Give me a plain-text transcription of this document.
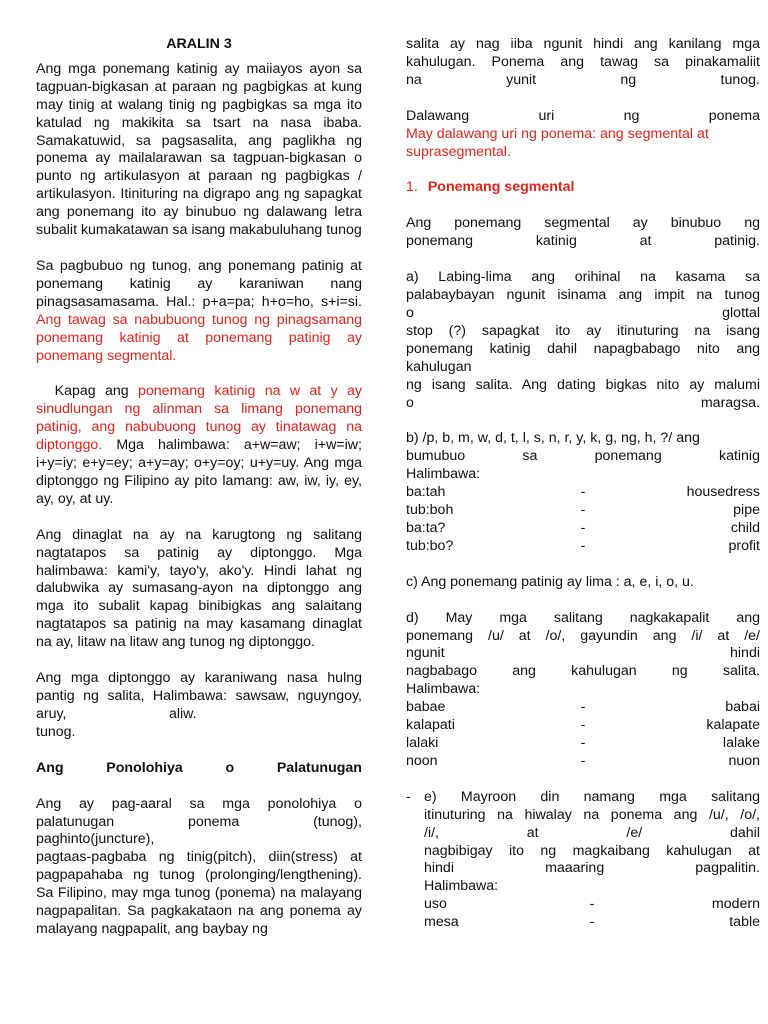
ARALIN 3

Ang mga ponemang katinig ay maiiayos ayon sa tagpuan-bigkasan at paraan ng pagbigkas at kung may tinig at walang tinig ng pagbigkas sa mga ito katulad ng makikita sa tsart na nasa ibaba. Samakatuwid, sa pagsasalita, ang paglikha ng ponema ay mailalarawan sa tagpuan-bigkasan o punto ng artikulasyon at paraan ng pagbigkas / artikulasyon. Itinituring na digrapo ang ng sapagkat ang ponemang ito ay binubuo ng dalawang letra subalit kumakatawan sa isang makabuluhang tunog

Sa pagbubuo ng tunog, ang ponemang patinig at ponemang katinig ay karaniwan nang pinagsasamasama. Hal.: p+a=pa; h+o=ho, s+i=si. Ang tawag sa nabubuong tunog ng pinagsamang ponemang katinig at ponemang patinig ay ponemang segmental.

Kapag ang ponemang katinig na w at y ay sinudlungan ng alinman sa limang ponemang patinig, ang nabubuong tunog ay tinatawag na diptonggo. Mga halimbawa: a+w=aw; i+w=iw; i+y=iy; e+y=ey; a+y=ay; o+y=oy; u+y=uy. Ang mga diptonggo ng Filipino ay pito lamang: aw, iw, iy, ey, ay, oy, at uy.

Ang dinaglat na ay na karugtong ng salitang nagtatapos sa patinig ay diptonggo. Mga halimbawa: kami'y, tayo'y, ako'y. Hindi lahat ng dalubwika ay sumasang-ayon na diptonggo ang mga ito subalit kapag binibigkas ang salaitang nagtatapos sa patinig na may kasamang dinaglat na ay, litaw na litaw ang tunog ng diptonggo.

Ang mga diptonggo ay karaniwang nasa hulng
pantig ng salita, Halimbawa: sawsaw, nguyngoy,
aruy,                          aliw.
tunog.
Ang	Ponolohiya	o	Palatunugan
Ang ay pag-aaral sa mga ponolohiya o
palatunugan	ponema	(tunog),
paghinto(juncture),

pagtaas-pagbaba ng tinig(pitch), diin(stress) at pagpapahaba ng tunog (prolonging/lengthening). Sa Filipino, may mga tunog (ponema) na malayang nagpapalitan. Sa pagkakataon na ang ponema ay malayang nagpapalit, ang baybay ng

salita ay nag iiba ngunit hindi ang kanilang mga
kahulugan. Ponema ang tawag sa pinakamaliit
na	yunit	ng	tunog.
Dalawang	uri	ng	ponema
May dalawang uri ng ponema: ang segmental at suprasegmental.
1. Ponemang segmental
Ang ponemang segmental ay binubuo ng
ponemang	katinig	at	patinig.
a) Labing-lima ang orihinal na kasama sa
palabaybayan ngunit isinama ang impit na tunog
o	glottal
stop (?) sapagkat ito ay itinuturing na isang
ponemang katinig dahil napagbabago nito ang
kahulugan
ng isang salita. Ang dating bigkas nito ay malumi
o	maragsa.
b) /p, b, m, w, d, t, l, s, n, r, y, k, g, ng, h, ?/ ang
bumubuo	sa	ponemang	katinig
Halimbawa:
ba:tah	-	housedress
tub:boh	-	pipe
ba:ta?	-	child
tub:bo?	-	profit
c) Ang ponemang patinig ay lima : a, e, i, o, u.
d) May mga salitang nagkakapalit ang
ponemang /u/ at /o/, gayundin ang /i/ at /e/
ngunit	hindi
nagbabago ang kahulugan ng salita.
Halimbawa:
babae	-	babai
kalapati	-	kalapate
lalaki	-	lalake
noon	-	nuon
- e) Mayroon din namang mga salitang
itinuturing na hiwalay na ponema ang /u/, /o/,
/i/,	at	/e/	dahil
nagbibigay ito ng magkaibang kahulugan at
hindi	maaaring	pagpalitin.
Halimbawa:
uso	-	modern
mesa	-	table
